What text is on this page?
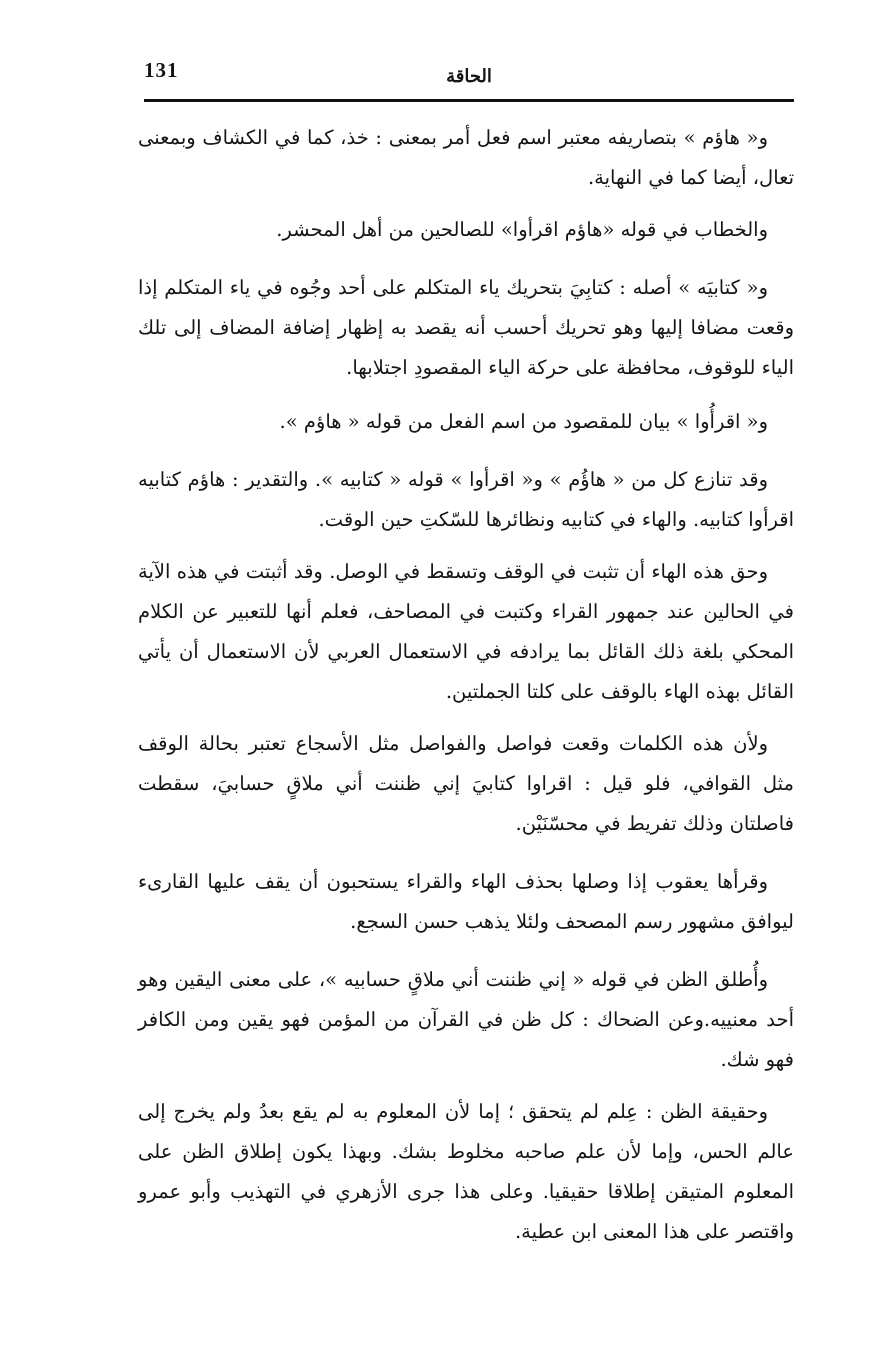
131	الحاقة

و« هاؤم » بتصاريفه معتبر اسم فعل أمر بمعنى : خذ، كما في الكشاف وبمعنى تعال، أيضا كما في النهاية.

والخطاب في قوله «هاؤم اقرأوا» للصالحين من أهل المحشر.

و« كتابيَه » أصله : كتابِيَ بتحريك ياء المتكلم على أحد وجُوه في ياء المتكلم إذا وقعت مضافا إليها وهو تحريك أحسب أنه يقصد به إظهار إضافة المضاف إلى تلك الياء للوقوف، محافظة على حركة الياء المقصودِ اجتلابها.

و« اقرأُوا » بيان للمقصود من اسم الفعل من قوله « هاؤم ».

وقد تنازع كل من « هاؤُم » و« اقرأوا » قوله « كتابيه ». والتقدير : هاؤم كتابيه اقرأوا كتابيه. والهاء في كتابيه ونظائرها للسّكتِ حين الوقت.

وحق هذه الهاء أن تثبت في الوقف وتسقط في الوصل. وقد أثبتت في هذه الآية في الحالين عند جمهور القراء وكتبت في المصاحف، فعلم أنها للتعبير عن الكلام المحكي بلغة ذلك القائل بما يرادفه في الاستعمال العربي لأن الاستعمال أن يأتي القائل بهذه الهاء بالوقف على كلتا الجملتين.

ولأن هذه الكلمات وقعت فواصل والفواصل مثل الأسجاع تعتبر بحالة الوقف مثل القوافي، فلو قيل : اقراوا كتابيَ إني ظننت أني ملاقٍ حسابيَ، سقطت فاصلتان وذلك تفريط في محسّنَيْن.

وقرأها يعقوب إذا وصلها بحذف الهاء والقراء يستحبون أن يقف عليها القارىء ليوافق مشهور رسم المصحف ولئلا يذهب حسن السجع.

وأُطلق الظن في قوله « إني ظننت أني ملاقٍ حسابيه »، على معنى اليقين وهو أحد معنييه.وعن الضحاك : كل ظن في القرآن من المؤمن فهو يقين ومن الكافر فهو شك.

وحقيقة الظن : عِلم لم يتحقق ؛ إما لأن المعلوم به لم يقع بعدُ ولم يخرج إلى عالم الحس، وإما لأن علم صاحبه مخلوط بشك. وبهذا يكون إطلاق الظن على المعلوم المتيقن إطلاقا حقيقيا. وعلى هذا جرى الأزهري في التهذيب وأبو عمرو واقتصر على هذا المعنى ابن عطية.
